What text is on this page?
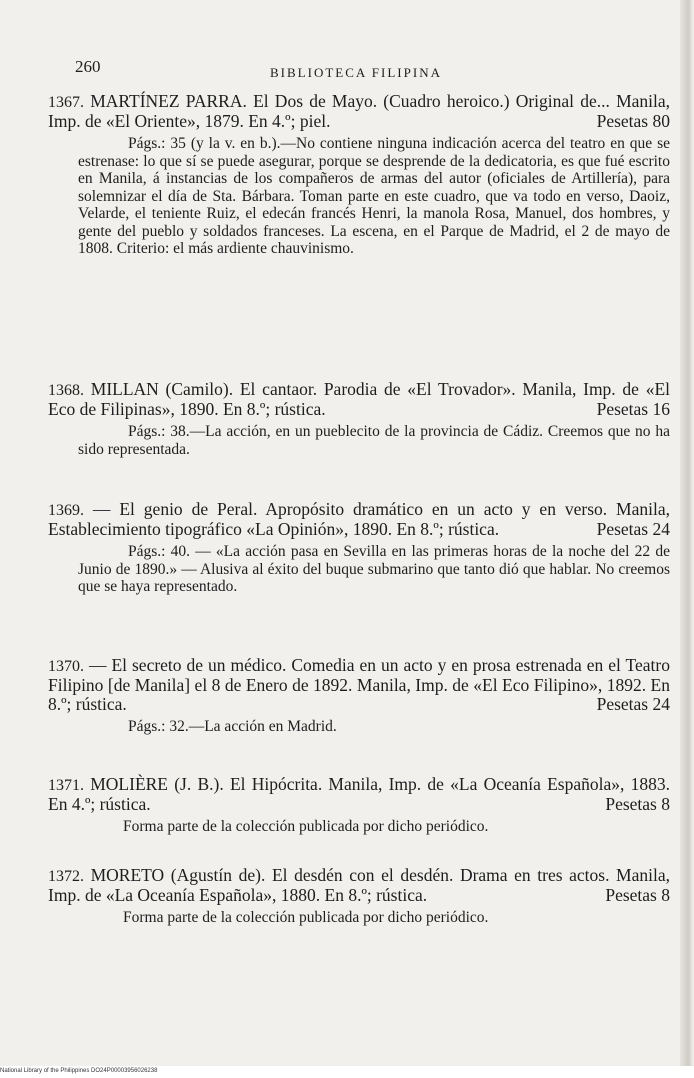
260	BIBLIOTECA FILIPINA
1367. MARTÍNEZ PARRA. El Dos de Mayo. (Cuadro heroico.) Original de... Manila, Imp. de «El Oriente», 1879. En 4.º; piel.	Pesetas 80
Págs.: 35 (y la v. en b.).—No contiene ninguna indicación acerca del teatro en que se estrenase: lo que sí se puede asegurar, porque se desprende de la dedicatoria, es que fué escrito en Manila, á instancias de los compañeros de armas del autor (oficiales de Artillería), para solemnizar el día de Sta. Bárbara. Toman parte en este cuadro, que va todo en verso, Daoiz, Velarde, el teniente Ruiz, el edecán francés Henri, la manola Rosa, Manuel, dos hombres, y gente del pueblo y soldados franceses. La escena, en el Parque de Madrid, el 2 de mayo de 1808. Criterio: el más ardiente chauvinismo.
1368. MILLAN (Camilo). El cantaor. Parodia de «El Trovador». Manila, Imp. de «El Eco de Filipinas», 1890. En 8.º; rústica.	Pesetas 16
Págs.: 38.—La acción, en un pueblecito de la provincia de Cádiz. Creemos que no ha sido representada.
1369. — El genio de Peral. Apropósito dramático en un acto y en verso. Manila, Establecimiento tipográfico «La Opinión», 1890. En 8.º; rústica.	Pesetas 24
Págs.: 40. — «La acción pasa en Sevilla en las primeras horas de la noche del 22 de Junio de 1890.» — Alusiva al éxito del buque submarino que tanto dió que hablar. No creemos que se haya representado.
1370. — El secreto de un médico. Comedia en un acto y en prosa estrenada en el Teatro Filipino [de Manila] el 8 de Enero de 1892. Manila, Imp. de «El Eco Filipino», 1892. En 8.º; rústica.	Pesetas 24
Págs.: 32.—La acción en Madrid.
1371. MOLIÈRE (J. B.). El Hipócrita. Manila, Imp. de «La Oceanía Española», 1883. En 4.º; rústica.	Pesetas 8
Forma parte de la colección publicada por dicho periódico.
1372. MORETO (Agustín de). El desdén con el desdén. Drama en tres actos. Manila, Imp. de «La Oceanía Española», 1880. En 8.º; rústica.	Pesetas 8
Forma parte de la colección publicada por dicho periódico.
National Library of the Philippines DO24P00003956026238
